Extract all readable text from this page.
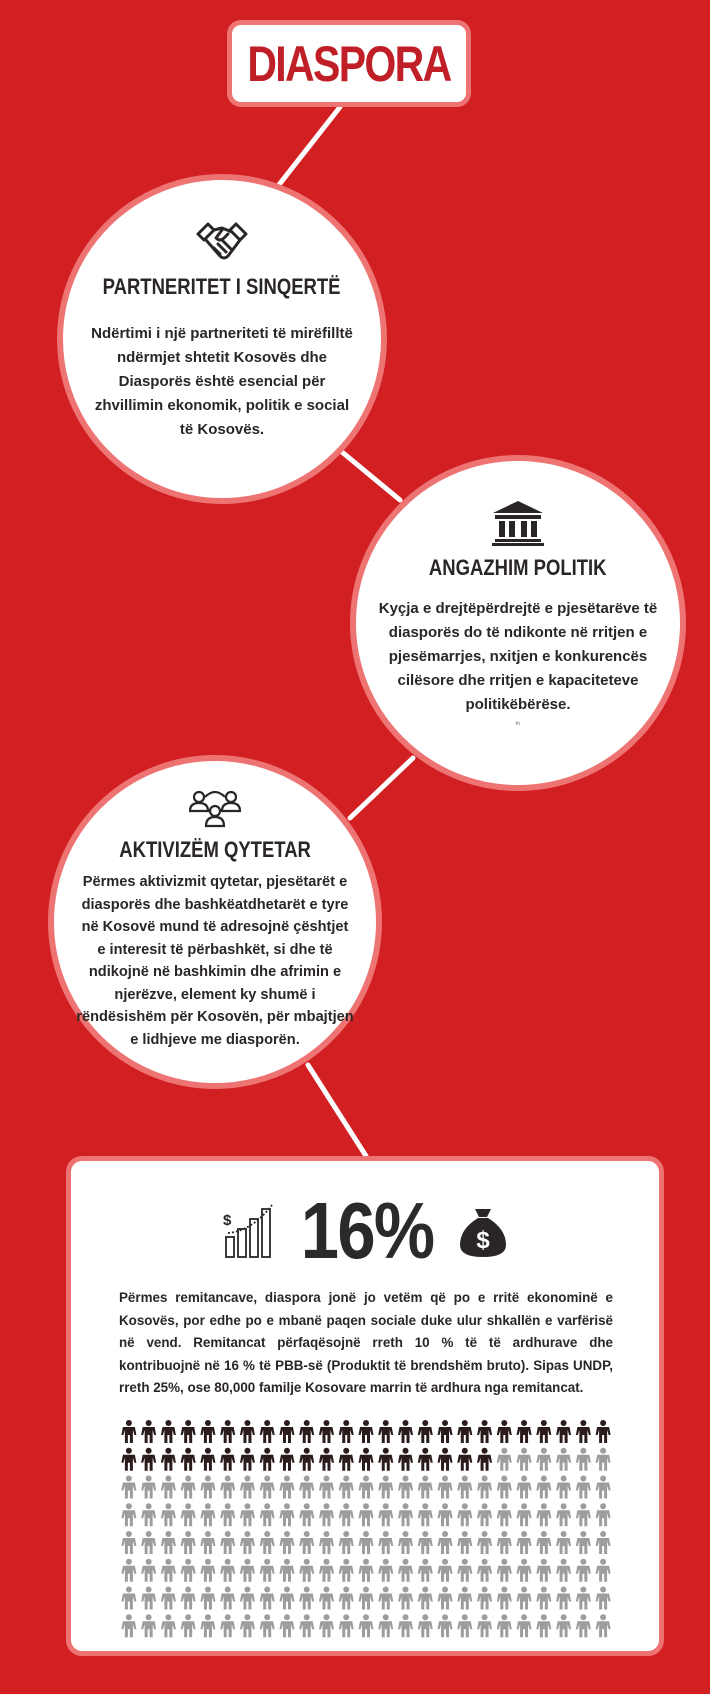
DIASPORA
PARTNERITET I SINQERTË
Ndërtimi i një partneriteti të mirëfilltë ndërmjet shtetit Kosovës dhe Diasporës është esencial për zhvillimin ekonomik, politik e social të Kosovës.
ANGAZHIM POLITIK
Kyçja e drejtëpërdrejtë e pjesëtarëve të diasporës do të ndikonte në rritjen e pjesëmarrjes, nxitjen e konkurencës cilësore dhe rritjen e kapaciteteve politikëbërëse.
fn
AKTIVIZËM QYTETAR
Përmes aktivizmit qytetar, pjesëtarët e diasporës dhe bashkëatdhetarët e tyre në Kosovë mund të adresojnë çështjet e interesit të përbashkët, si dhe të ndikojnë në bashkimin dhe afrimin e njerëzve, element ky shumë i rëndësishëm për Kosovën, për mbajtjen e lidhjeve me diasporën.
$ 16% $

Përmes remitancave, diaspora jonë jo vetëm që po e rritë ekonominë e Kosovës, por edhe po e mbanë paqen sociale duke ulur shkallën e varfërisë në vend. Remitancat përfaqësojnë rreth 10 % të të ardhurave dhe kontribuojnë në 16 % të PBB-së (Produktit të brendshëm bruto). Sipas UNDP, rreth 25%, ose 80,000 familje Kosovare marrin të ardhura nga remitancat.
